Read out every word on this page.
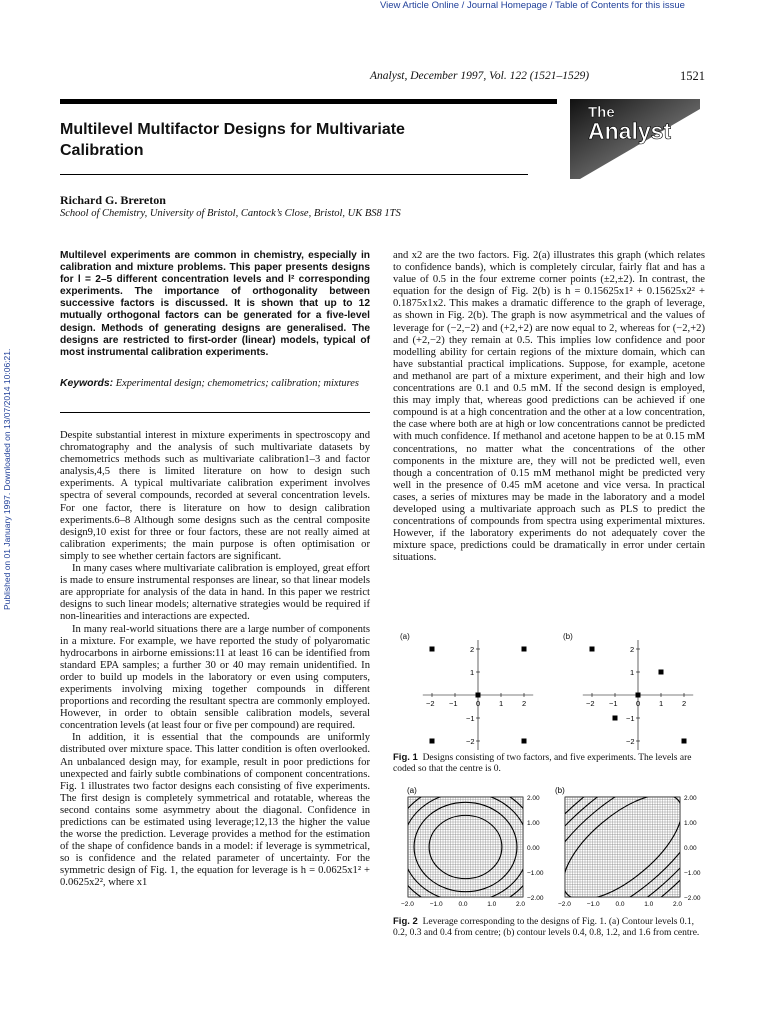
View Article Online / Journal Homepage / Table of Contents for this issue
Analyst, December 1997, Vol. 122 (1521–1529)	1521
The
Analyst
Multilevel Multifactor Designs for Multivariate Calibration
Richard G. Brereton
School of Chemistry, University of Bristol, Cantock’s Close, Bristol, UK BS8 1TS
Multilevel experiments are common in chemistry, especially in calibration and mixture problems. This paper presents designs for l = 2–5 different concentration levels and l² corresponding experiments. The importance of orthogonality between successive factors is discussed. It is shown that up to 12 mutually orthogonal factors can be generated for a five-level design. Methods of generating designs are generalised. The designs are restricted to first-order (linear) models, typical of most instrumental calibration experiments.
Keywords: Experimental design; chemometrics; calibration; mixtures

Despite substantial interest in mixture experiments in spectroscopy and chromatography and the analysis of such multivariate datasets by chemometrics methods such as multivariate calibration1–3 and factor analysis,4,5 there is limited literature on how to design such experiments. A typical multivariate calibration experiment involves spectra of several compounds, recorded at several concentration levels. For one factor, there is literature on how to design calibration experiments.6–8 Although some designs such as the central composite design9,10 exist for three or four factors, these are not really aimed at calibration experiments; the main purpose is often optimisation or simply to see whether certain factors are significant.

In many cases where multivariate calibration is employed, great effort is made to ensure instrumental responses are linear, so that linear models are appropriate for analysis of the data in hand. In this paper we restrict designs to such linear models; alternative strategies would be required if non-linearities and interactions are expected.

In many real-world situations there are a large number of components in a mixture. For example, we have reported the study of polyaromatic hydrocarbons in airborne emissions:11 at least 16 can be identified from standard EPA samples; a further 30 or 40 may remain unidentified. In order to build up models in the laboratory or even using computers, experiments involving mixing together compounds in different proportions and recording the resultant spectra are commonly employed. However, in order to obtain sensible calibration models, several concentration levels (at least four or five per compound) are required.

In addition, it is essential that the compounds are uniformly distributed over mixture space. This latter condition is often overlooked. An unbalanced design may, for example, result in poor predictions for unexpected and fairly subtle combinations of component concentrations. Fig. 1 illustrates two factor designs each consisting of five experiments. The first design is completely symmetrical and rotatable, whereas the second contains some asymmetry about the diagonal. Confidence in predictions can be estimated using leverage;12,13 the higher the value the worse the prediction. Leverage provides a method for the estimation of the shape of confidence bands in a model: if leverage is symmetrical, so is confidence and the related parameter of uncertainty. For the symmetric design of Fig. 1, the equation for leverage is h = 0.0625x1² + 0.0625x2², where x1

and x2 are the two factors. Fig. 2(a) illustrates this graph (which relates to confidence bands), which is completely circular, fairly flat and has a value of 0.5 in the four extreme corner points (±2,±2). In contrast, the equation for the design of Fig. 2(b) is h = 0.15625x1² + 0.15625x2² + 0.1875x1x2. This makes a dramatic difference to the graph of leverage, as shown in Fig. 2(b). The graph is now asymmetrical and the values of leverage for (−2,−2) and (+2,+2) are now equal to 2, whereas for (−2,+2) and (+2,−2) they remain at 0.5. This implies low confidence and poor modelling ability for certain regions of the mixture domain, which can have substantial practical implications. Suppose, for example, acetone and methanol are part of a mixture experiment, and their high and low concentrations are 0.1 and 0.5 mM. If the second design is employed, this may imply that, whereas good predictions can be achieved if one compound is at a high concentration and the other at a low concentration, the case where both are at high or low concentrations cannot be predicted with much confidence. If methanol and acetone happen to be at 0.15 mM concentrations, no matter what the concentrations of the other components in the mixture are, they will not be predicted well, even though a concentration of 0.15 mM methanol might be predicted very well in the presence of 0.45 mM acetone and vice versa. In practical cases, a series of mixtures may be made in the laboratory and a model developed using a multivariate approach such as PLS to predict the concentrations of compounds from spectra using experimental mixtures. However, if the laboratory experiments do not adequately cover the mixture space, predictions could be dramatically in error under certain situations.

Published on 01 January 1997. Downloaded on 13/07/2014 10:06:21.
(a)	(b)
−2
−2
−1
−1
0	1
1
2
2
−2
−2
−1
−1
0	1
1
2
2
Fig. 1 Designs consisting of two factors, and five experiments. The levels are coded so that the centre is 0.
(a)	(b)
−2.0 −1.0 0.0	1.0	2.0
2.00
1.00
0.00
−1.00
−2.00
−2.0 −1.0 0.0	1.0	2.0
2.00
1.00
0.00
−1.00
−2.00
Fig. 2 Leverage corresponding to the designs of Fig. 1. (a) Contour levels 0.1, 0.2, 0.3 and 0.4 from centre; (b) contour levels 0.4, 0.8, 1.2, and 1.6 from centre.
